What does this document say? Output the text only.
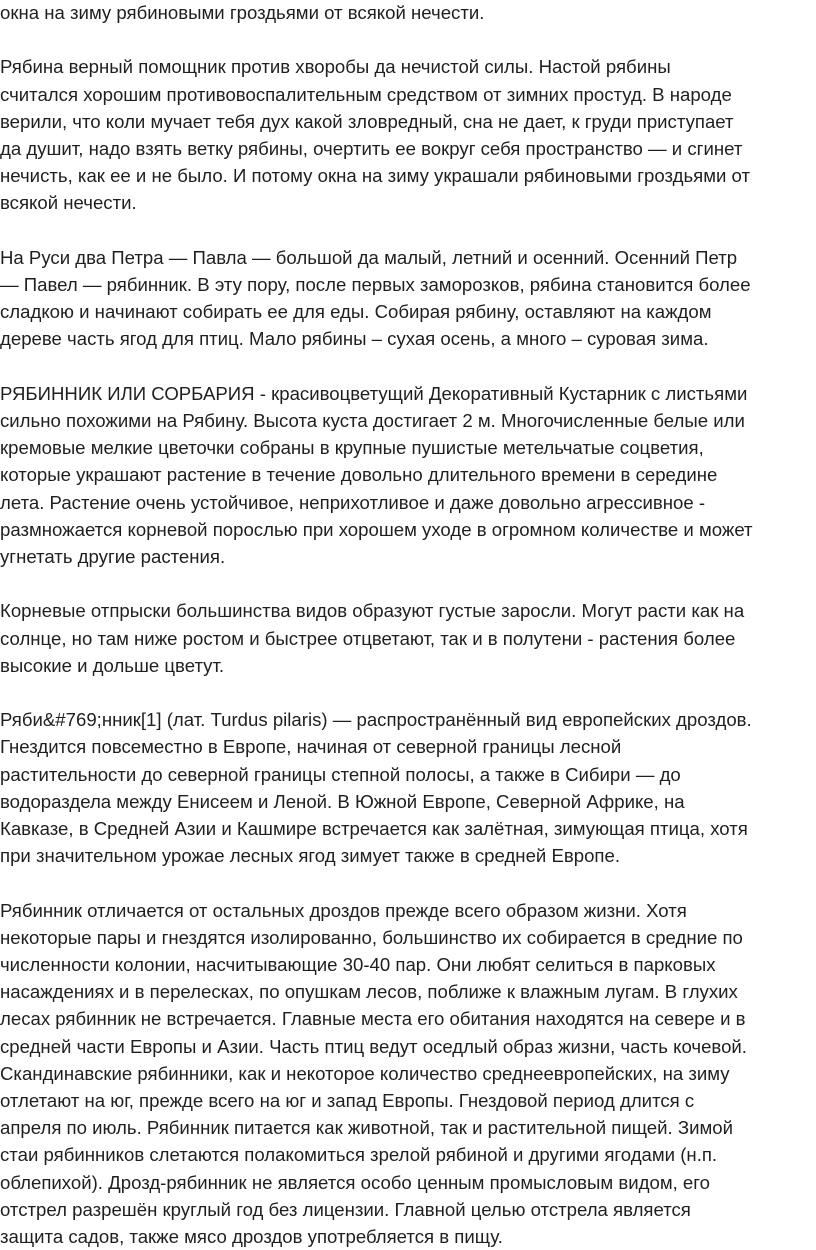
окна на зиму рябиновыми гроздьями от всякой нечести.

Рябина верный помощник против хворобы да нечистой силы. Настой рябины
считался хорошим противовоспалительным средством от зимних простуд. В народе
верили, что коли мучает тебя дух какой зловредный, сна не дает, к груди приступает
да душит, надо взять ветку рябины, очертить ее вокруг себя пространство — и сгинет
нечисть, как ее и не было. И потому окна на зиму украшали рябиновыми гроздьями от
всякой нечести.

На Руси два Петра — Павла — большой да малый, летний и осенний. Осенний Петр
— Павел — рябинник. В эту пору, после первых заморозков, рябина становится более
сладкою и начинают собирать ее для еды. Собирая рябину, оставляют на каждом
дереве часть ягод для птиц. Мало рябины – сухая осень, а много – суровая зима.

РЯБИННИК ИЛИ СОРБАРИЯ - красивоцветущий Декоративный Кустарник с листьями
сильно похожими на Рябину. Высота куста достигает 2 м. Многочисленные белые или
кремовые мелкие цветочки собраны в крупные пушистые метельчатые соцветия,
которые украшают растение в течение довольно длительного времени в середине
лета. Растение очень устойчивое, неприхотливое и даже довольно агрессивное -
размножается корневой порослью при хорошем уходе в огромном количестве и может
угнетать другие растения.

Корневые отпрыски большинства видов образуют густые заросли. Могут расти как на
солнце, но там ниже ростом и быстрее отцветают, так и в полутени - растения более
высокие и дольше цветут.

Ряби&#769;нник[1] (лат. Turdus pilaris) — распространённый вид европейских дроздов.
Гнездится повсеместно в Европе, начиная от северной границы лесной
растительности до северной границы степной полосы, а также в Сибири — до
водораздела между Енисеем и Леной. В Южной Европе, Северной Африке, на
Кавказе, в Средней Азии и Кашмире встречается как залётная, зимующая птица, хотя
при значительном урожае лесных ягод зимует также в средней Европе.

Рябинник отличается от остальных дроздов прежде всего образом жизни. Хотя
некоторые пары и гнездятся изолированно, большинство их собирается в средние по
численности колонии, насчитывающие 30-40 пар. Они любят селиться в парковых
насаждениях и в перелесках, по опушкам лесов, поближе к влажным лугам. В глухих
лесах рябинник не встречается. Главные места его обитания находятся на севере и в
средней части Европы и Азии. Часть птиц ведут оседлый образ жизни, часть кочевой.
Скандинавские рябинники, как и некоторое количество среднеевропейских, на зиму
отлетают на юг, прежде всего на юг и запад Европы. Гнездовой период длится с
апреля по июль. Рябинник питается как животной, так и растительной пищей. Зимой
стаи рябинников слетаются полакомиться зрелой рябиной и другими ягодами (н.п.
облепихой). Дрозд-рябинник не является особо ценным промысловым видом, его
отстрел разрешён круглый год без лицензии. Главной целью отстрела является
защита садов, также мясо дроздов употребляется в пищу.
